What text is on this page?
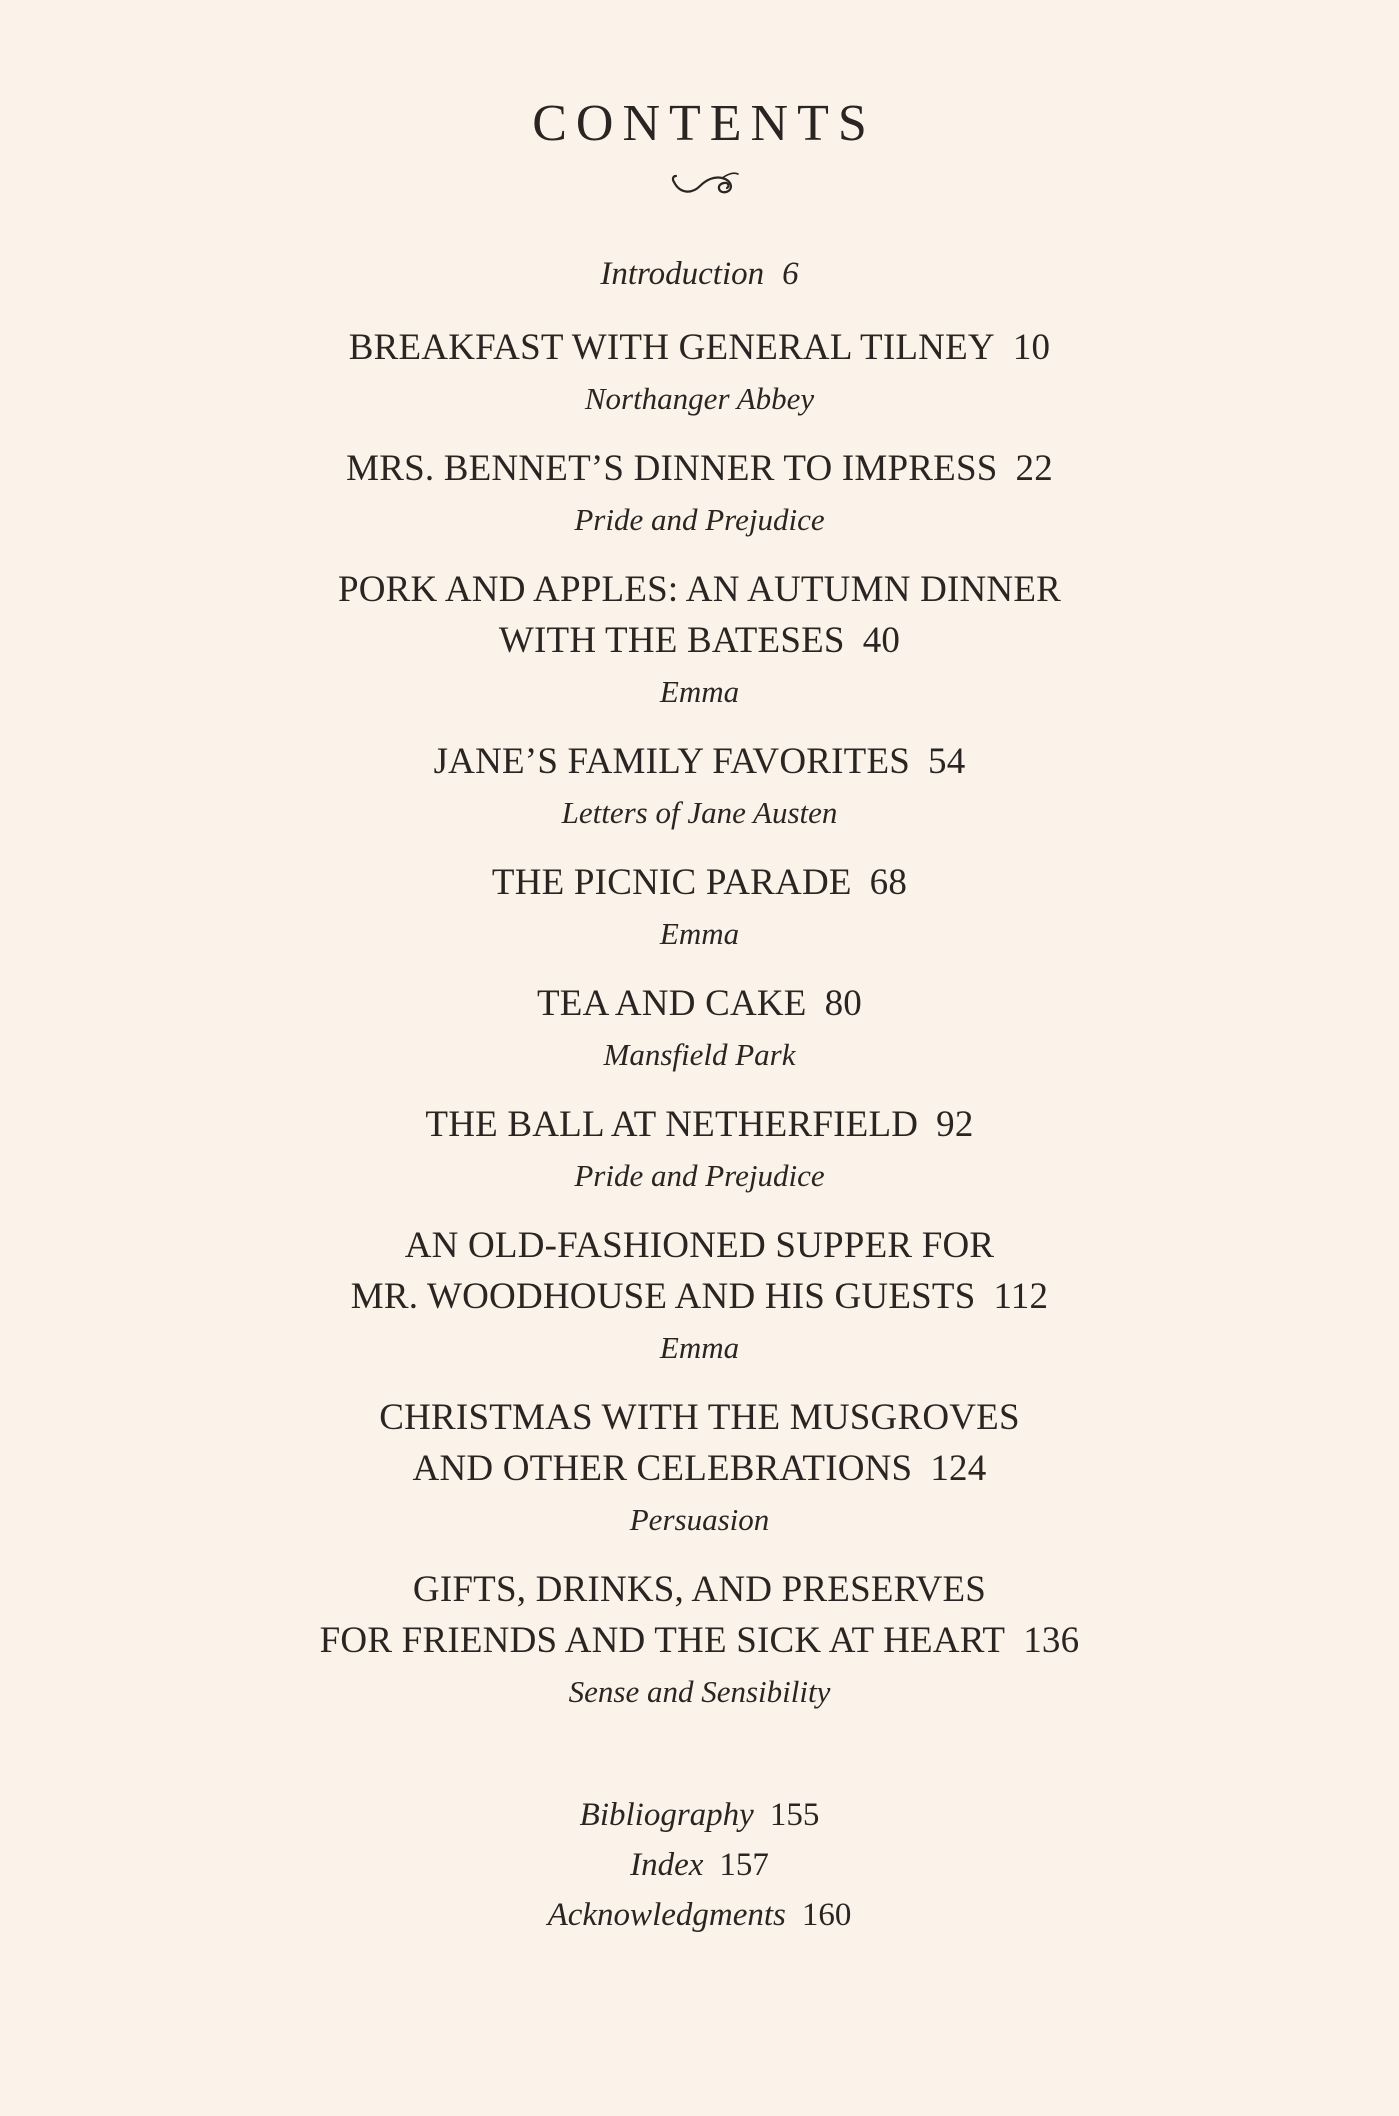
CONTENTS
Introduction 6
BREAKFAST WITH GENERAL TILNEY 10
Northanger Abbey
MRS. BENNET’S DINNER TO IMPRESS 22
Pride and Prejudice
PORK AND APPLES: AN AUTUMN DINNER
WITH THE BATESES 40
Emma
JANE’S FAMILY FAVORITES 54
Letters of Jane Austen
THE PICNIC PARADE 68
Emma
TEA AND CAKE 80
Mansfield Park
THE BALL AT NETHERFIELD 92
Pride and Prejudice
AN OLD-FASHIONED SUPPER FOR
MR. WOODHOUSE AND HIS GUESTS 112
Emma
CHRISTMAS WITH THE MUSGROVES
AND OTHER CELEBRATIONS 124
Persuasion
GIFTS, DRINKS, AND PRESERVES
FOR FRIENDS AND THE SICK AT HEART 136
Sense and Sensibility
Bibliography 155
Index 157
Acknowledgments 160
